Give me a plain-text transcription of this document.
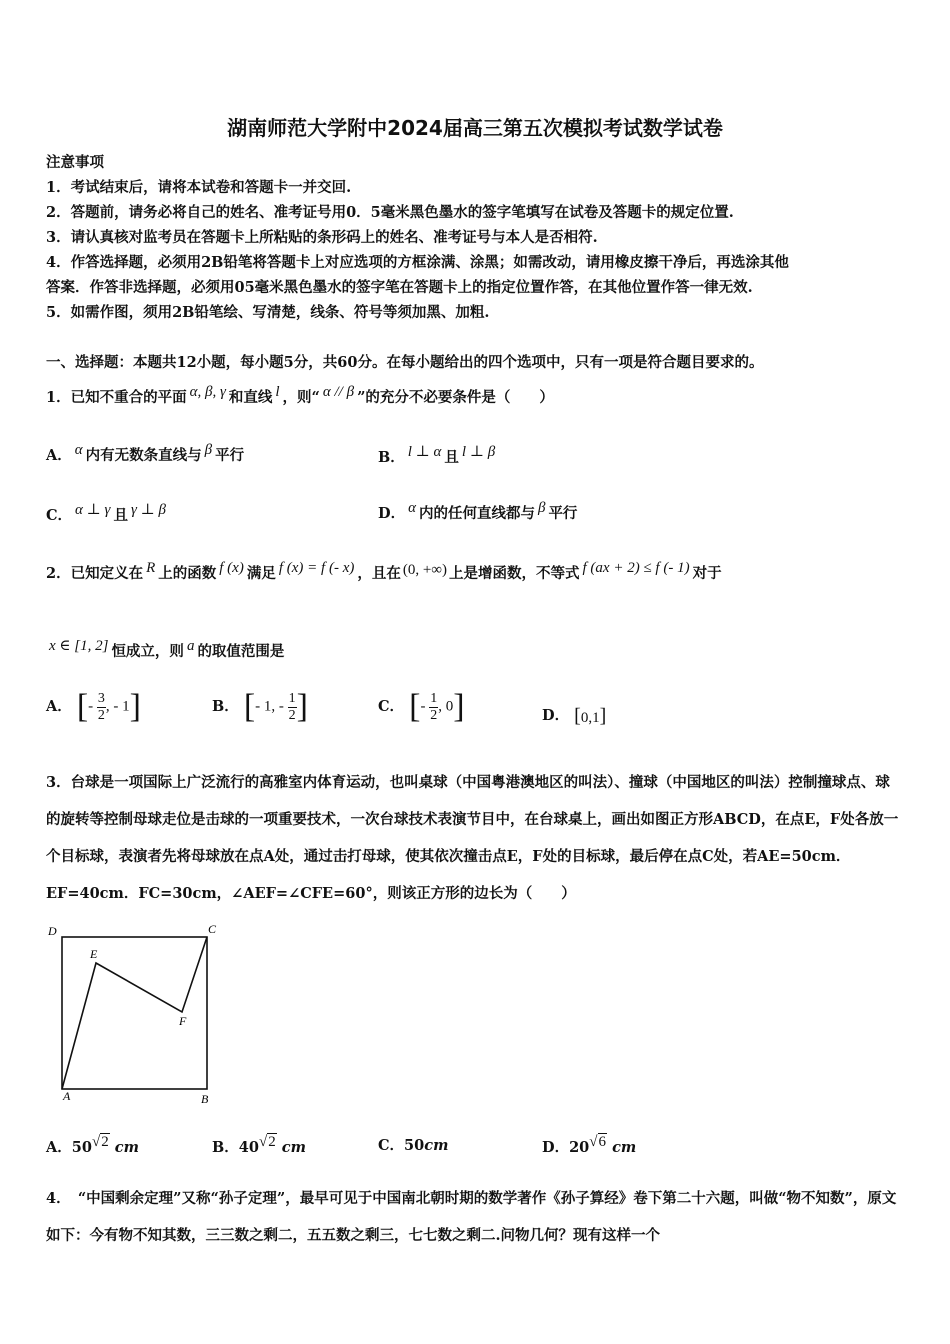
湖南师范大学附中2024届高三第五次模拟考试数学试卷
注意事项
1．考试结束后，请将本试卷和答题卡一并交回.
2．答题前，请务必将自己的姓名、准考证号用0．5毫米黑色墨水的签字笔填写在试卷及答题卡的规定位置.
3．请认真核对监考员在答题卡上所粘贴的条形码上的姓名、准考证号与本人是否相符.
4．作答选择题，必须用2B铅笔将答题卡上对应选项的方框涂满、涂黑；如需改动，请用橡皮擦干净后，再选涂其他
答案．作答非选择题，必须用05毫米黑色墨水的签字笔在答题卡上的指定位置作答，在其他位置作答一律无效.
5．如需作图，须用2B铅笔绘、写清楚，线条、符号等须加黑、加粗.
一、选择题：本题共12小题，每小题5分，共60分。在每小题给出的四个选项中，只有一项是符合题目要求的。
1．已知不重合的平面 α, β, γ 和直线 l ，则“ α // β ”的充分不必要条件是（　　）
A． α 内有无数条直线与 β 平行	B． l ⊥ α 且 l ⊥ β
C． α ⊥ γ 且 γ ⊥ β	D． α 内的任何直线都与 β 平行
2．已知定义在 R 上的函数 f (x) 满足 f (x) = f (- x) ，且在 (0, +∞) 上是增函数，不等式 f (ax + 2) ≤ f (- 1) 对于
x ∈ [1, 2] 恒成立，则 a 的取值范围是
A． [- $\frac{3}{2}$ , - 1]	B． [- 1, - $\frac{1}{2}$ ]	C． [- $\frac{1}{2}$ , 0]	D． [0,1]
3．台球是一项国际上广泛流行的高雅室内体育运动，也叫桌球（中国粤港澳地区的叫法）、撞球（中国地区的叫法）控制撞球点、球的旋转等控制母球走位是击球的一项重要技术，一次台球技术表演节目中，在台球桌上，画出如图正方形ABCD，在点E，F处各放一个目标球，表演者先将母球放在点A处，通过击打母球，使其依次撞击点E，F处的目标球，最后停在点C处，若AE=50cm．EF=40cm．FC=30cm，∠AEF=∠CFE=60°，则该正方形的边长为（　　）
D	C
E
F
A	B
A．50√2 cm	B．40√2 cm	C．50cm	D．20√6 cm
4．　“中国剩余定理”又称“孙子定理”，最早可见于中国南北朝时期的数学著作《孙子算经》卷下第二十六题，叫做“物不知数”，原文如下：今有物不知其数，三三数之剩二，五五数之剩三，七七数之剩二.问物几何？现有这样一个
